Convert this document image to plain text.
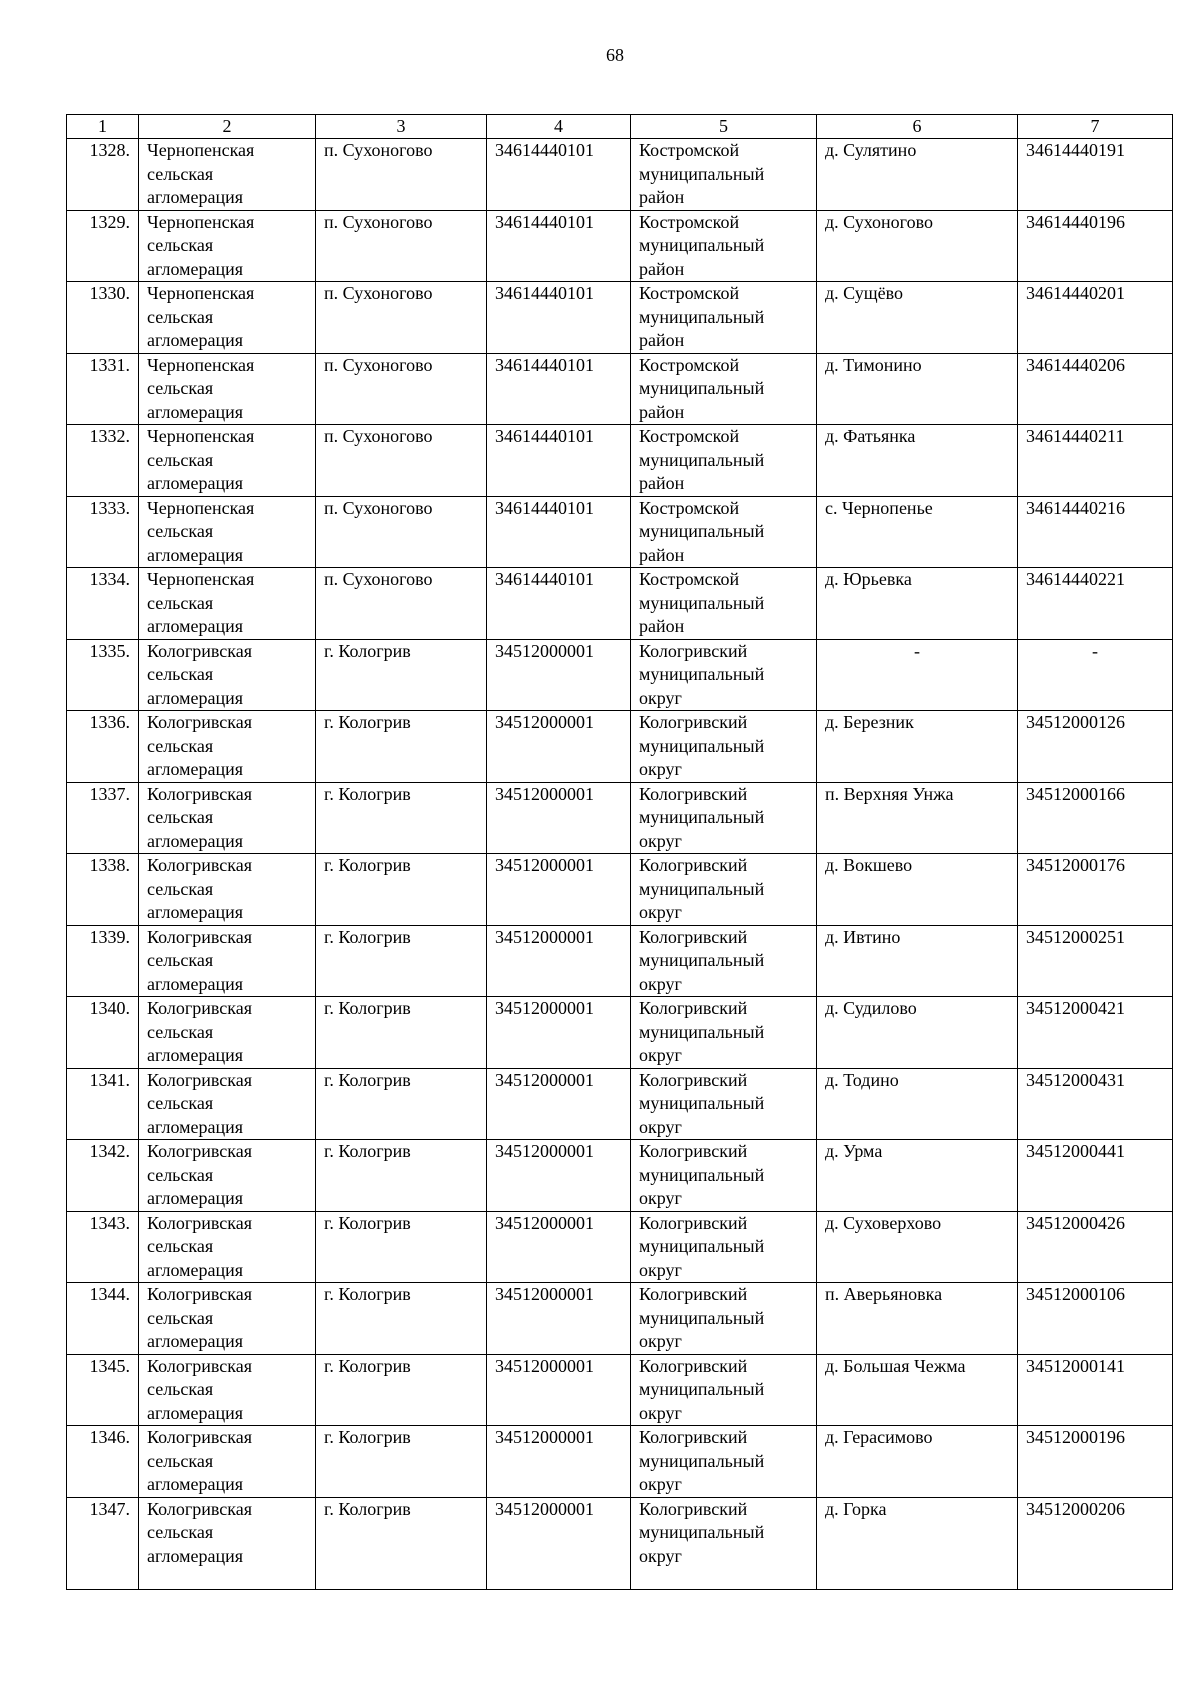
68
1	2	3	4	5	6	7
1328.	Чернопенская
сельская
агломерация	п. Сухоногово	34614440101	Костромской
муниципальный
район	д. Сулятино	34614440191
1329.	Чернопенская
сельская
агломерация	п. Сухоногово	34614440101	Костромской
муниципальный
район	д. Сухоногово	34614440196
1330.	Чернопенская
сельская
агломерация	п. Сухоногово	34614440101	Костромской
муниципальный
район	д. Сущёво	34614440201
1331.	Чернопенская
сельская
агломерация	п. Сухоногово	34614440101	Костромской
муниципальный
район	д. Тимонино	34614440206
1332.	Чернопенская
сельская
агломерация	п. Сухоногово	34614440101	Костромской
муниципальный
район	д. Фатьянка	34614440211
1333.	Чернопенская
сельская
агломерация	п. Сухоногово	34614440101	Костромской
муниципальный
район	с. Чернопенье	34614440216
1334.	Чернопенская
сельская
агломерация	п. Сухоногово	34614440101	Костромской
муниципальный
район	д. Юрьевка	34614440221
1335.	Кологривская
сельская
агломерация	г. Кологрив	34512000001	Кологривский
муниципальный
округ	-	-
1336.	Кологривская
сельская
агломерация	г. Кологрив	34512000001	Кологривский
муниципальный
округ	д. Березник	34512000126
1337.	Кологривская
сельская
агломерация	г. Кологрив	34512000001	Кологривский
муниципальный
округ	п. Верхняя Унжа	34512000166
1338.	Кологривская
сельская
агломерация	г. Кологрив	34512000001	Кологривский
муниципальный
округ	д. Вокшево	34512000176
1339.	Кологривская
сельская
агломерация	г. Кологрив	34512000001	Кологривский
муниципальный
округ	д. Ивтино	34512000251
1340.	Кологривская
сельская
агломерация	г. Кологрив	34512000001	Кологривский
муниципальный
округ	д. Судилово	34512000421
1341.	Кологривская
сельская
агломерация	г. Кологрив	34512000001	Кологривский
муниципальный
округ	д. Тодино	34512000431
1342.	Кологривская
сельская
агломерация	г. Кологрив	34512000001	Кологривский
муниципальный
округ	д. Урма	34512000441
1343.	Кологривская
сельская
агломерация	г. Кологрив	34512000001	Кологривский
муниципальный
округ	д. Суховерхово	34512000426
1344.	Кологривская
сельская
агломерация	г. Кологрив	34512000001	Кологривский
муниципальный
округ	п. Аверьяновка	34512000106
1345.	Кологривская
сельская
агломерация	г. Кологрив	34512000001	Кологривский
муниципальный
округ	д. Большая Чежма	34512000141
1346.	Кологривская
сельская
агломерация	г. Кологрив	34512000001	Кологривский
муниципальный
округ	д. Герасимово	34512000196
1347.	Кологривская
сельская
агломерация	г. Кологрив	34512000001	Кологривский
муниципальный
округ	д. Горка	34512000206
